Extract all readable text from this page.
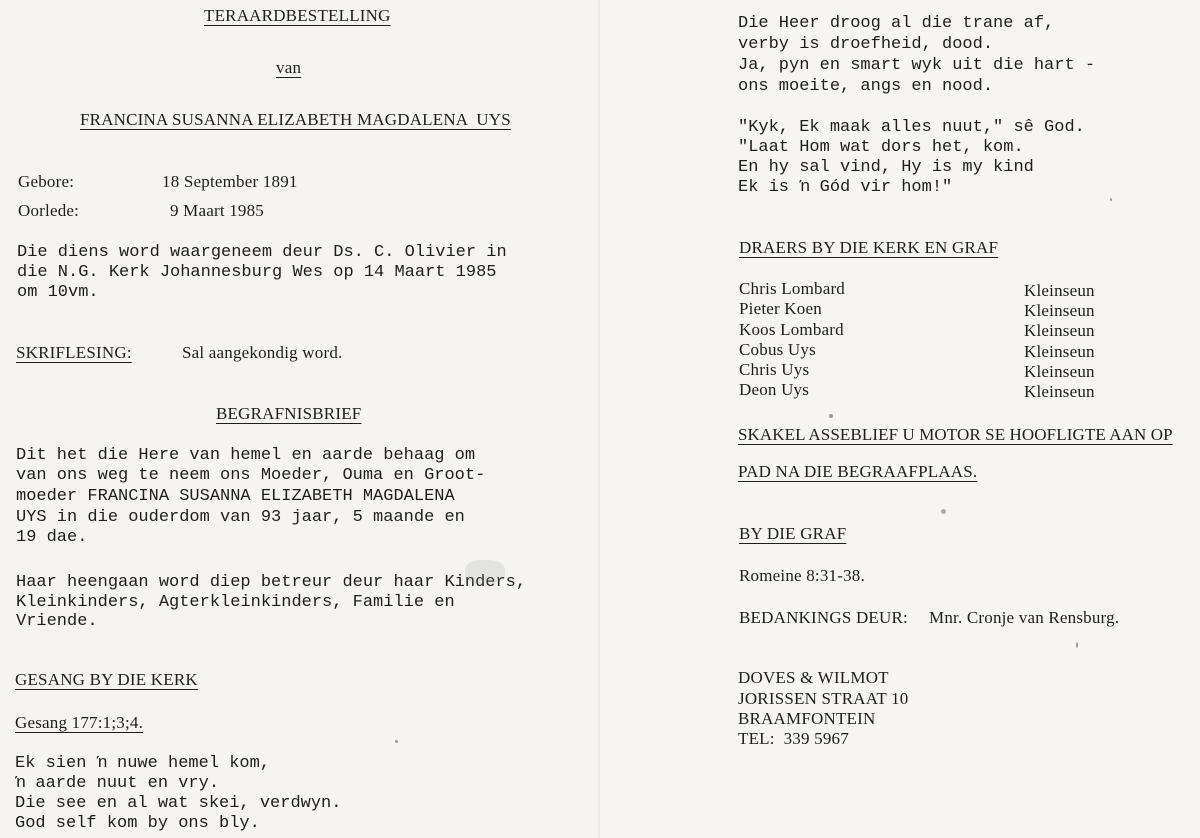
TERAARDBESTELLING
van
FRANCINA SUSANNA ELIZABETH MAGDALENA  UYS
Gebore:	18 September 1891
Oorlede:	9 Maart 1985
Die diens word waargeneem deur Ds. C. Olivier in
die N.G. Kerk Johannesburg Wes op 14 Maart 1985
om 10vm.
SKRIFLESING:	Sal aangekondig word.
BEGRAFNISBRIEF
Dit het die Here van hemel en aarde behaag om
van ons weg te neem ons Moeder, Ouma en Groot-
moeder FRANCINA SUSANNA ELIZABETH MAGDALENA
UYS in die ouderdom van 93 jaar, 5 maande en
19 dae.
Haar heengaan word diep betreur deur haar Kinders,
Kleinkinders, Agterkleinkinders, Familie en
Vriende.
GESANG BY DIE KERK
Gesang 177:1;3;4.
Ek sien ŉ nuwe hemel kom,
ŉ aarde nuut en vry.
Die see en al wat skei, verdwyn.
God self kom by ons bly.
Die Heer droog al die trane af,
verby is droefheid, dood.
Ja, pyn en smart wyk uit die hart -
ons moeite, angs en nood.
"Kyk, Ek maak alles nuut," sê God.
"Laat Hom wat dors het, kom.
En hy sal vind, Hy is my kind
Ek is ŉ Gód vir hom!"
DRAERS BY DIE KERK EN GRAF
Chris Lombard	Kleinseun
Pieter Koen	Kleinseun
Koos Lombard	Kleinseun
Cobus Uys	Kleinseun
Chris Uys	Kleinseun
Deon Uys	Kleinseun
SKAKEL ASSEBLIEF U MOTOR SE HOOFLIGTE AAN OP
PAD NA DIE BEGRAAFPLAAS.
BY DIE GRAF
Romeine 8:31-38.
BEDANKINGS DEUR: Mnr. Cronje van Rensburg.
DOVES & WILMOT
JORISSEN STRAAT 10
BRAAMFONTEIN
TEL:  339 5967
